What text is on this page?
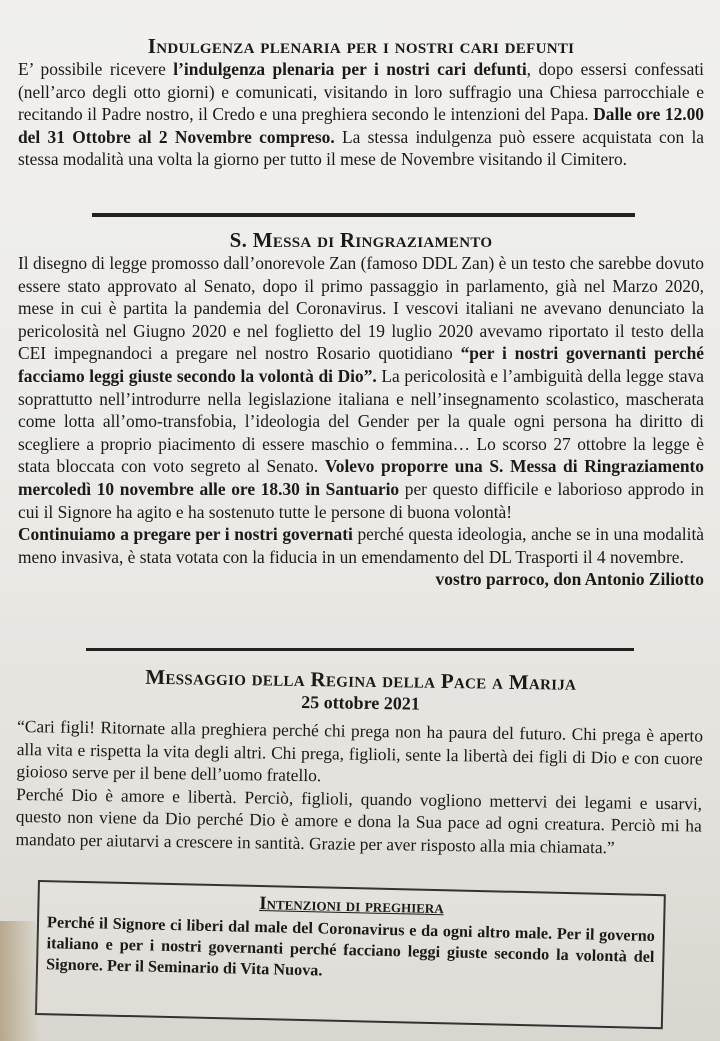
Indulgenza plenaria per i nostri cari defunti
E’ possibile ricevere l’indulgenza plenaria per i nostri cari defunti, dopo essersi confessati (nell’arco degli otto giorni) e comunicati, visitando in loro suffragio una Chiesa parrocchiale e recitando il Padre nostro, il Credo e una preghiera secondo le intenzioni del Papa. Dalle ore 12.00 del 31 Ottobre al 2 Novembre compreso. La stessa indulgenza può essere acquistata con la stessa modalità una volta la giorno per tutto il mese de Novembre visitando il Cimitero.
S. Messa di Ringraziamento
Il disegno di legge promosso dall’onorevole Zan (famoso DDL Zan) è un testo che sarebbe dovuto essere stato approvato al Senato, dopo il primo passaggio in parlamento, già nel Marzo 2020, mese in cui è partita la pandemia del Coronavirus. I vescovi italiani ne avevano denunciato la pericolosità nel Giugno 2020 e nel foglietto del 19 luglio 2020 avevamo riportato il testo della CEI impegnandoci a pregare nel nostro Rosario quotidiano “per i nostri governanti perché facciamo leggi giuste secondo la volontà di Dio”. La pericolosità e l’ambiguità della legge stava soprattutto nell’introdurre nella legislazione italiana e nell’insegnamento scolastico, mascherata come lotta all’omo-transfobia, l’ideologia del Gender per la quale ogni persona ha diritto di scegliere a proprio piacimento di essere maschio o femmina… Lo scorso 27 ottobre la legge è stata bloccata con voto segreto al Senato. Volevo proporre una S. Messa di Ringraziamento mercoledì 10 novembre alle ore 18.30 in Santuario per questo difficile e laborioso approdo in cui il Signore ha agito e ha sostenuto tutte le persone di buona volontà!
Continuiamo a pregare per i nostri governati perché questa ideologia, anche se in una modalità meno invasiva, è stata votata con la fiducia in un emendamento del DL Trasporti il 4 novembre.
vostro parroco, don Antonio Ziliotto
Messaggio della Regina della Pace a Marija
25 ottobre 2021
“Cari figli! Ritornate alla preghiera perché chi prega non ha paura del futuro. Chi prega è aperto alla vita e rispetta la vita degli altri. Chi prega, figlioli, sente la libertà dei figli di Dio e con cuore gioioso serve per il bene dell’uomo fratello.
Perché Dio è amore e libertà. Perciò, figlioli, quando vogliono mettervi dei legami e usarvi, questo non viene da Dio perché Dio è amore e dona la Sua pace ad ogni creatura. Perciò mi ha mandato per aiutarvi a crescere in santità. Grazie per aver risposto alla mia chiamata.”
Intenzioni di preghiera
Perché il Signore ci liberi dal male del Coronavirus e da ogni altro male. Per il governo italiano e per i nostri governanti perché facciano leggi giuste secondo la volontà del Signore. Per il Seminario di Vita Nuova.
